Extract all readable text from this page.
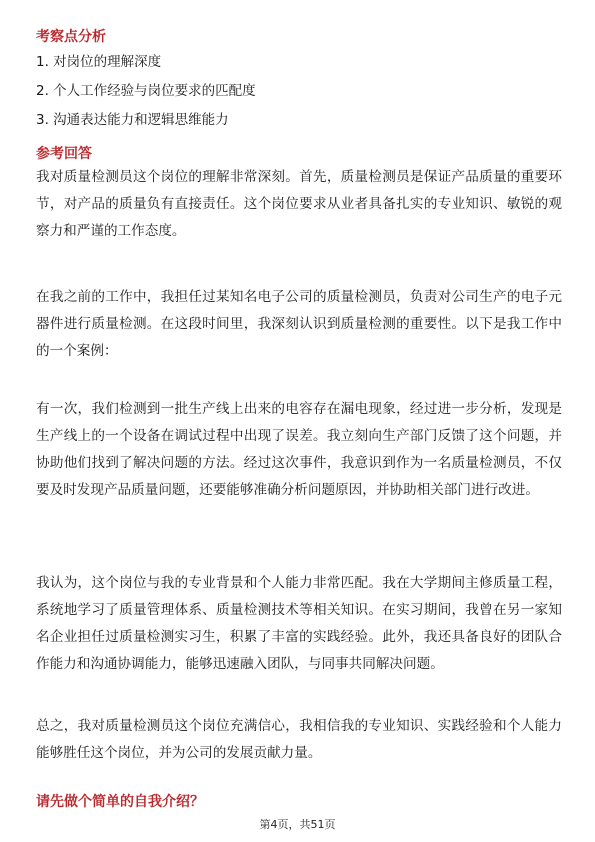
考察点分析
1. 对岗位的理解深度
2. 个人工作经验与岗位要求的匹配度
3. 沟通表达能力和逻辑思维能力
参考回答
我对质量检测员这个岗位的理解非常深刻。首先，质量检测员是保证产品质量的重要环节，对产品的质量负有直接责任。这个岗位要求从业者具备扎实的专业知识、敏锐的观察力和严谨的工作态度。
在我之前的工作中，我担任过某知名电子公司的质量检测员，负责对公司生产的电子元器件进行质量检测。在这段时间里，我深刻认识到质量检测的重要性。以下是我工作中的一个案例：
有一次，我们检测到一批生产线上出来的电容存在漏电现象，经过进一步分析，发现是生产线上的一个设备在调试过程中出现了误差。我立刻向生产部门反馈了这个问题，并协助他们找到了解决问题的方法。经过这次事件，我意识到作为一名质量检测员，不仅要及时发现产品质量问题，还要能够准确分析问题原因，并协助相关部门进行改进。
我认为，这个岗位与我的专业背景和个人能力非常匹配。我在大学期间主修质量工程，系统地学习了质量管理体系、质量检测技术等相关知识。在实习期间，我曾在另一家知名企业担任过质量检测实习生，积累了丰富的实践经验。此外，我还具备良好的团队合作能力和沟通协调能力，能够迅速融入团队，与同事共同解决问题。
总之，我对质量检测员这个岗位充满信心，我相信我的专业知识、实践经验和个人能力能够胜任这个岗位，并为公司的发展贡献力量。
请先做个简单的自我介绍？
第4页，共51页
